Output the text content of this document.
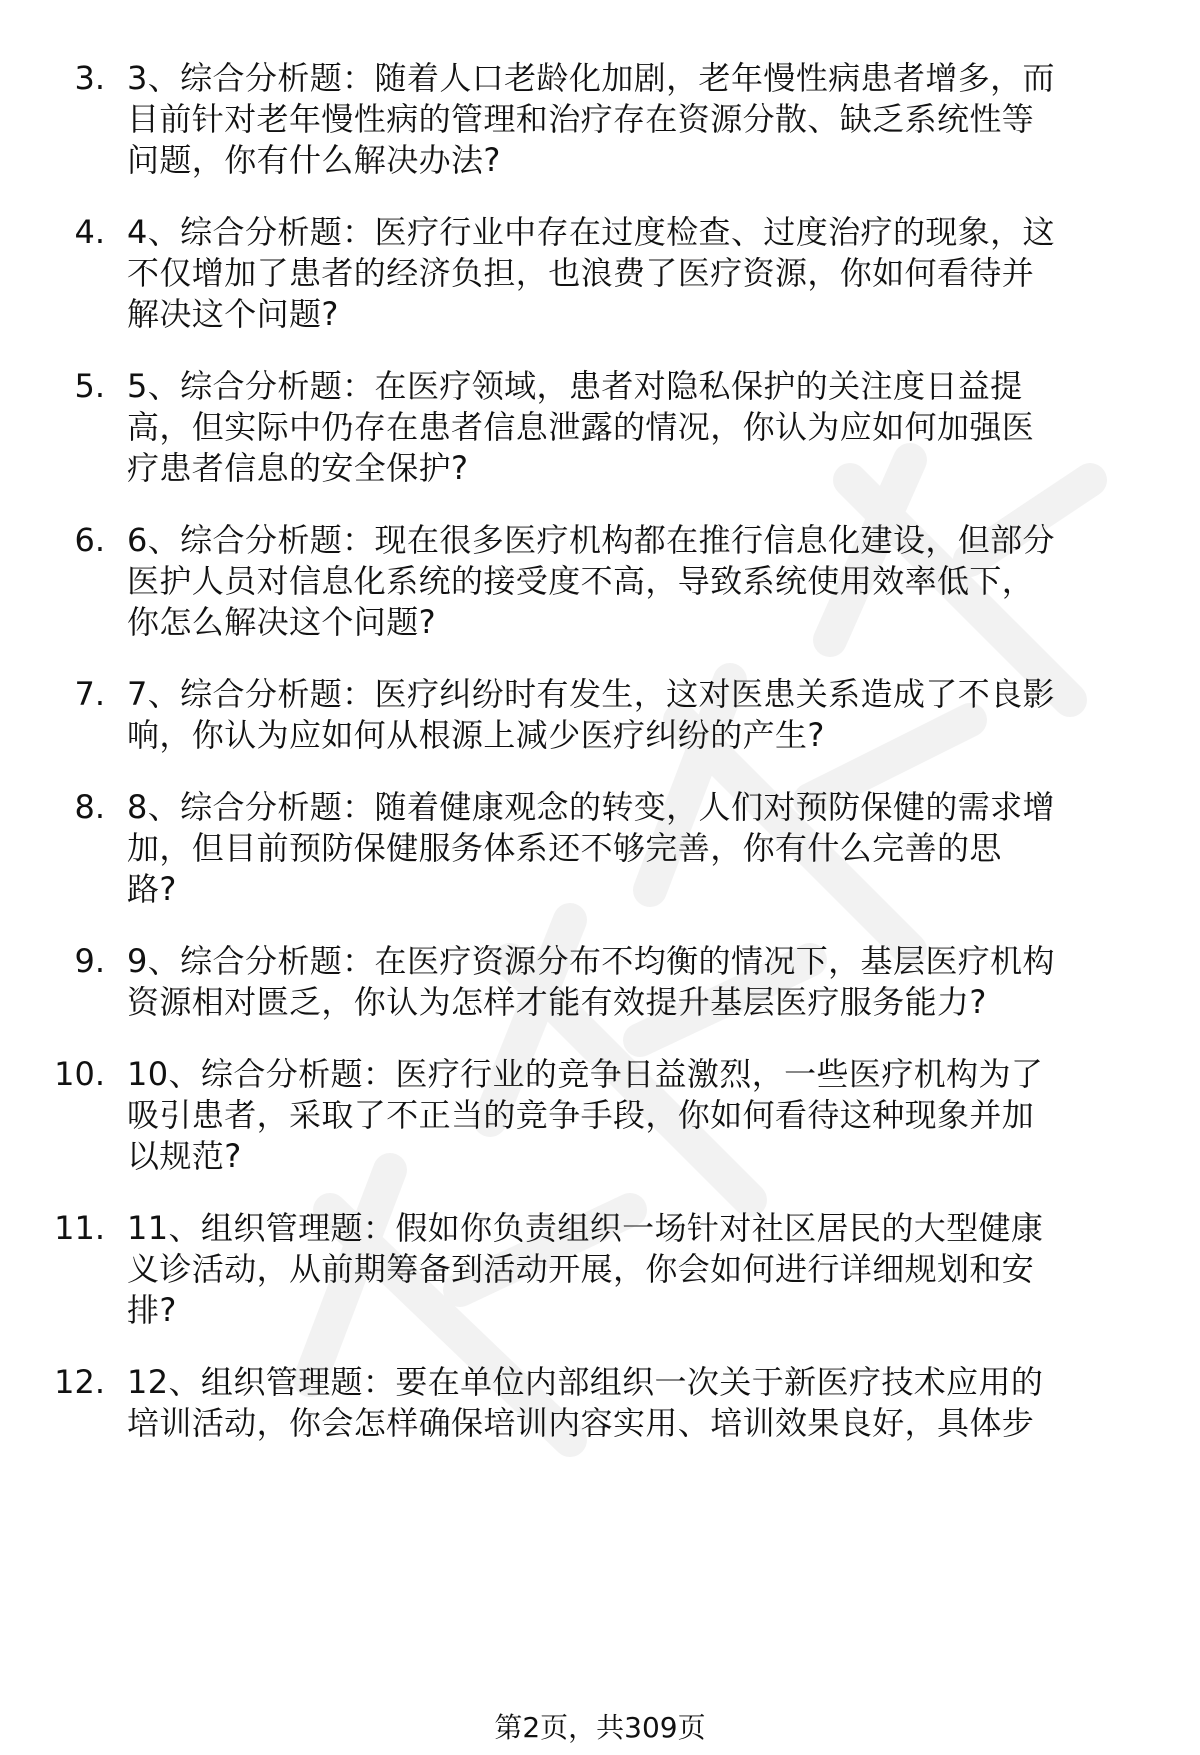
3. 3、综合分析题：随着人口老龄化加剧，老年慢性病患者增多，而
目前针对老年慢性病的管理和治疗存在资源分散、缺乏系统性等
问题，你有什么解决办法?
4. 4、综合分析题：医疗行业中存在过度检查、过度治疗的现象，这
不仅增加了患者的经济负担，也浪费了医疗资源，你如何看待并
解决这个问题?
5. 5、综合分析题：在医疗领域，患者对隐私保护的关注度日益提
高，但实际中仍存在患者信息泄露的情况，你认为应如何加强医
疗患者信息的安全保护?
6. 6、综合分析题：现在很多医疗机构都在推行信息化建设，但部分
医护人员对信息化系统的接受度不高，导致系统使用效率低下，
你怎么解决这个问题?
7. 7、综合分析题：医疗纠纷时有发生，这对医患关系造成了不良影
响，你认为应如何从根源上减少医疗纠纷的产生?
8. 8、综合分析题：随着健康观念的转变，人们对预防保健的需求增
加，但目前预防保健服务体系还不够完善，你有什么完善的思
路?
9. 9、综合分析题：在医疗资源分布不均衡的情况下，基层医疗机构
资源相对匮乏，你认为怎样才能有效提升基层医疗服务能力?
10. 10、综合分析题：医疗行业的竞争日益激烈，一些医疗机构为了
吸引患者，采取了不正当的竞争手段，你如何看待这种现象并加
以规范?
11. 11、组织管理题：假如你负责组织一场针对社区居民的大型健康
义诊活动，从前期筹备到活动开展，你会如何进行详细规划和安
排?
12. 12、组织管理题：要在单位内部组织一次关于新医疗技术应用的
培训活动，你会怎样确保培训内容实用、培训效果良好，具体步
第2页，共309页
